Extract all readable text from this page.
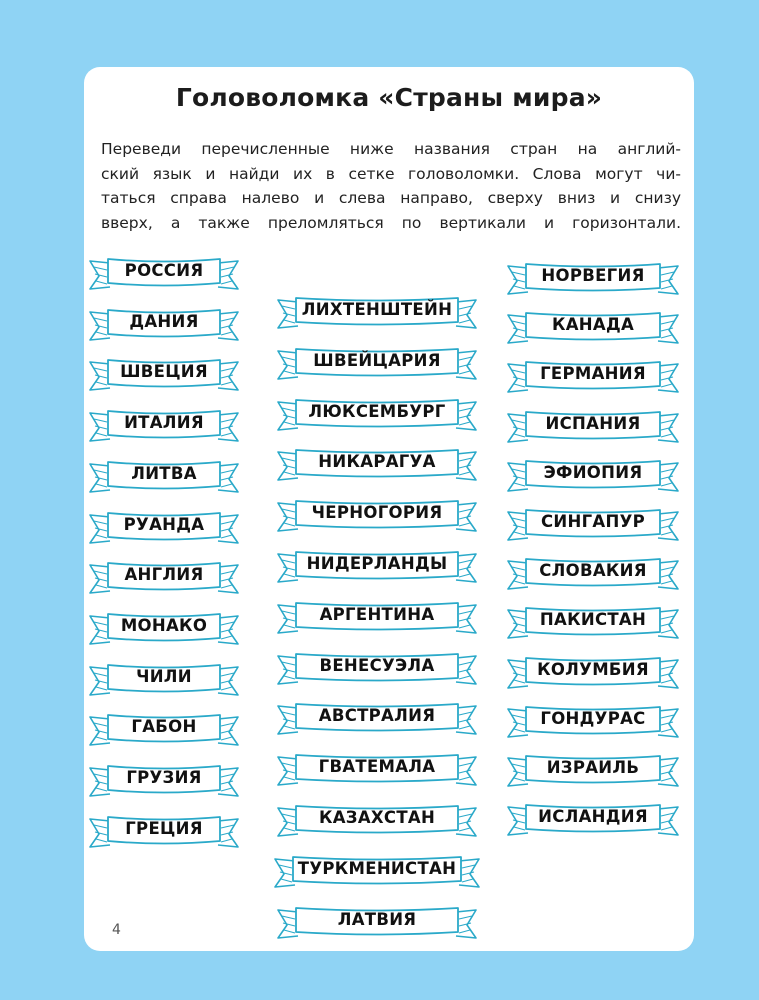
Головоломка «Страны мира»

Переведи перечисленные ниже названия стран на англий-
ский язык и найди их в сетке головоломки. Слова могут чи-
таться справа налево и слева направо, сверху вниз и снизу
вверх, а также преломляться по вертикали и горизонтали.

4
РОССИЯ
ДАНИЯ
ШВЕЦИЯ
ИТАЛИЯ
ЛИТВА
РУАНДА
АНГЛИЯ
МОНАКО
ЧИЛИ
ГАБОН
ГРУЗИЯ
ГРЕЦИЯ
ЛИХТЕНШТЕЙН
ШВЕЙЦАРИЯ
ЛЮКСЕМБУРГ
НИКАРАГУА
ЧЕРНОГОРИЯ
НИДЕРЛАНДЫ
АРГЕНТИНА
ВЕНЕСУЭЛА
АВСТРАЛИЯ
ГВАТЕМАЛА
КАЗАХСТАН
ТУРКМЕНИСТАН
ЛАТВИЯ
НОРВЕГИЯ
КАНАДА
ГЕРМАНИЯ
ИСПАНИЯ
ЭФИОПИЯ
СИНГАПУР
СЛОВАКИЯ
ПАКИСТАН
КОЛУМБИЯ
ГОНДУРАС
ИЗРАИЛЬ
ИСЛАНДИЯ
